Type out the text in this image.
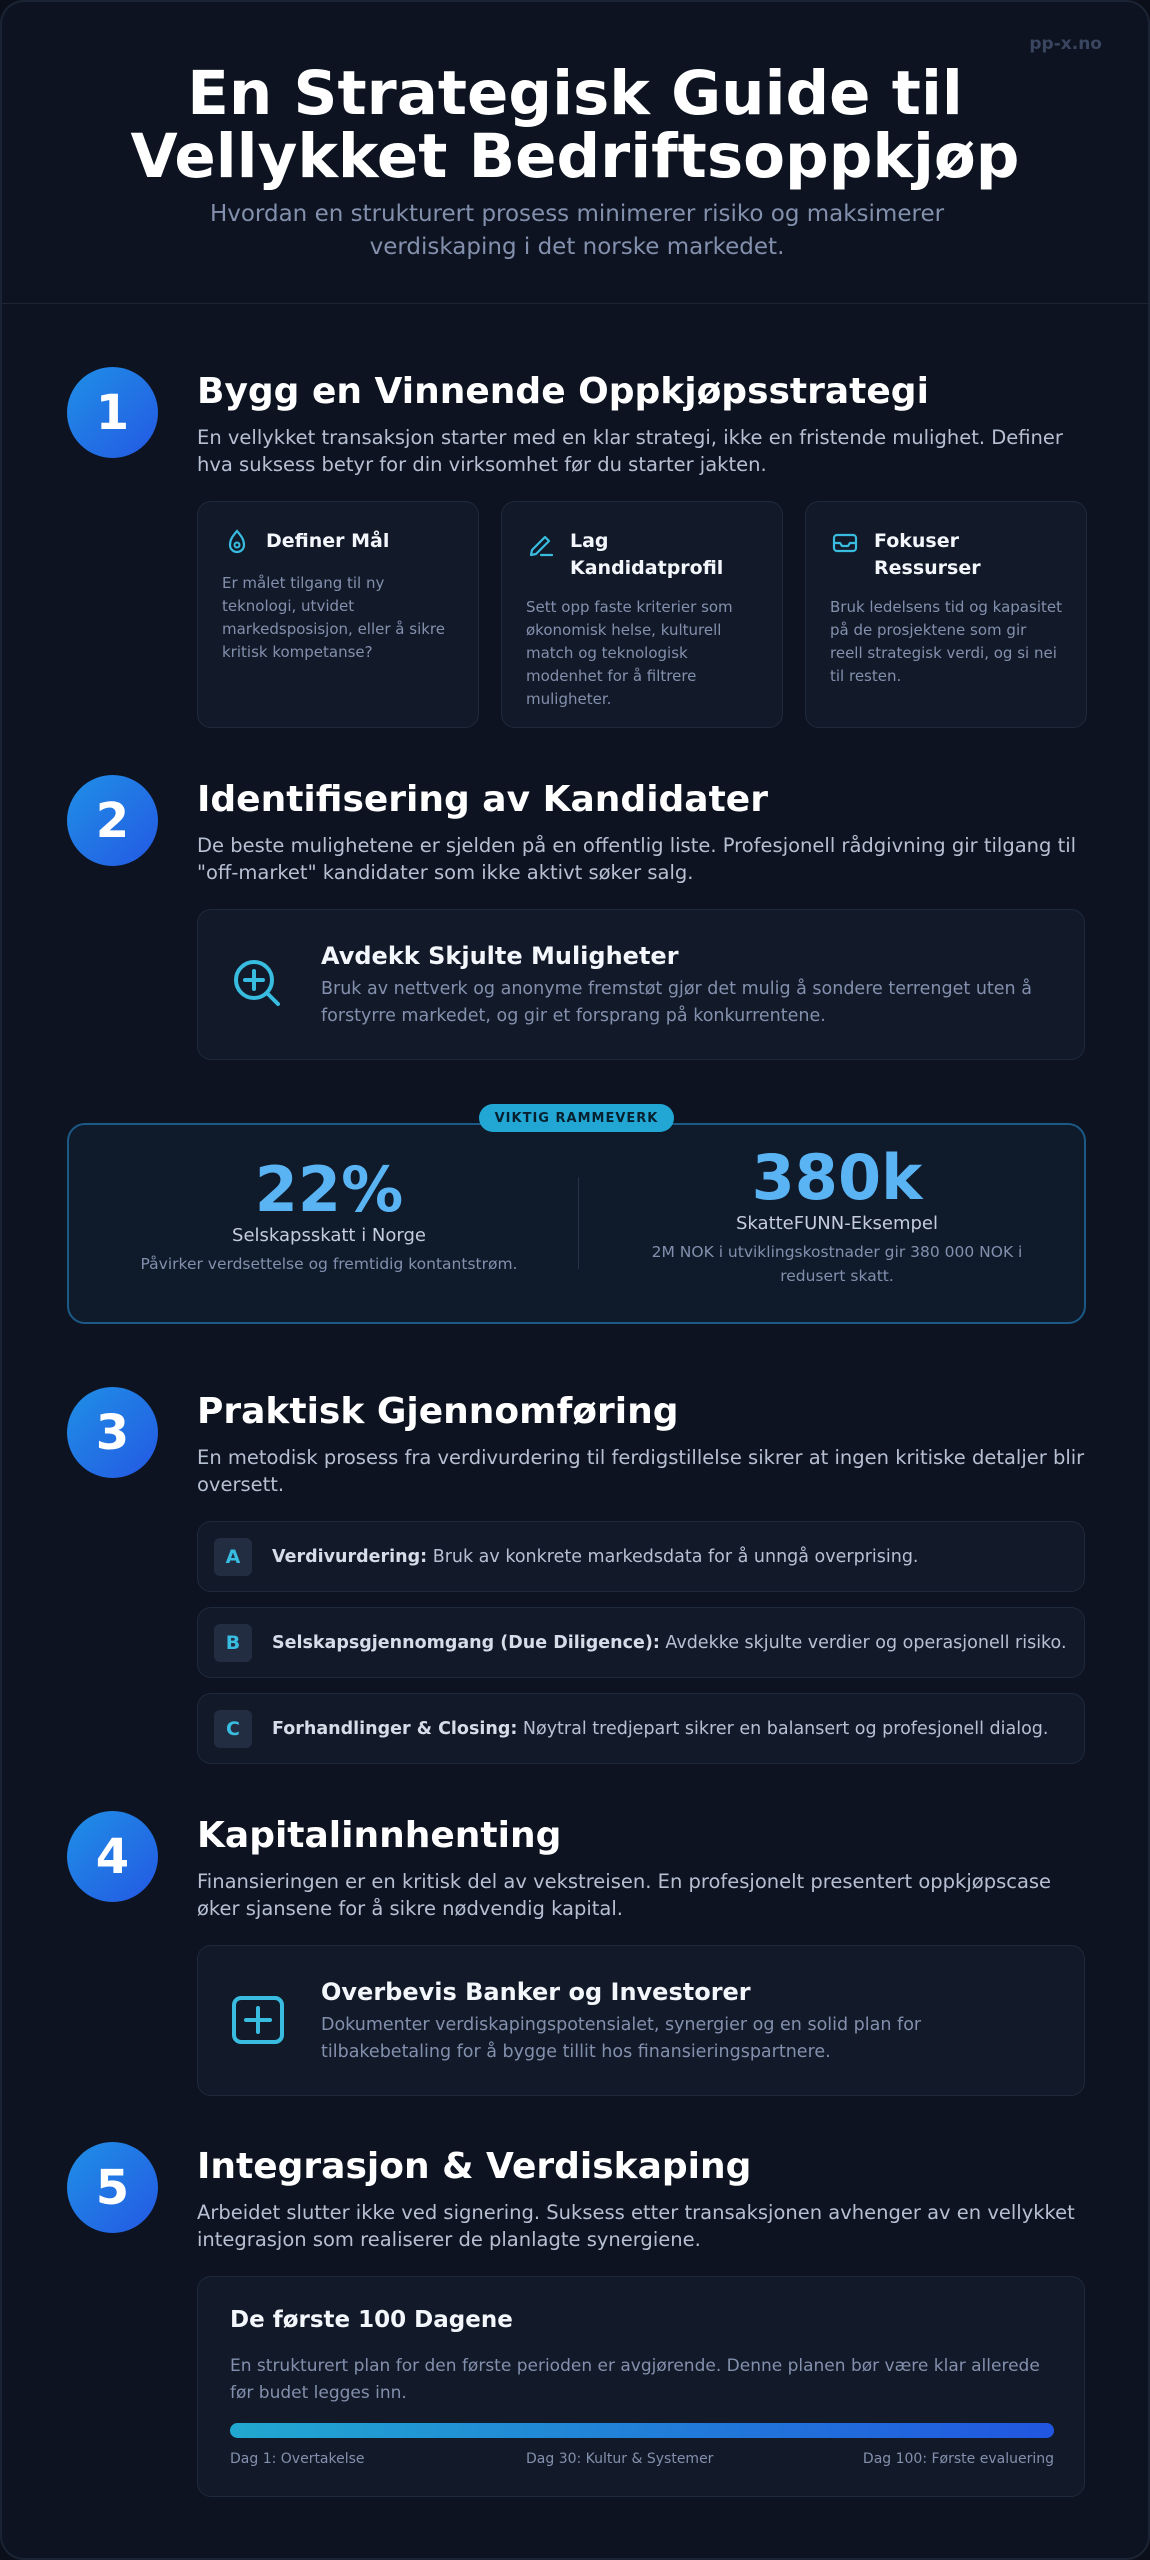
pp-x.no
En Strategisk Guide til
Vellykket Bedriftsoppkjøp

Hvordan en strukturert prosess minimerer risiko og maksimerer verdiskaping i det norske markedet.

1	Bygg en Vinnende Oppkjøpsstrategi

En vellykket transaksjon starter med en klar strategi, ikke en fristende mulighet. Definer hva suksess betyr for din virksomhet før du starter jakten.

Definer Mål
Er målet tilgang til ny teknologi, utvidet markedsposisjon, eller å sikre kritisk kompetanse?
Lag Kandidatprofil
Sett opp faste kriterier som økonomisk helse, kulturell match og teknologisk modenhet for å filtrere muligheter.
Fokuser Ressurser
Bruk ledelsens tid og kapasitet på de prosjektene som gir reell strategisk verdi, og si nei til resten.
2	Identifisering av Kandidater

De beste mulighetene er sjelden på en offentlig liste. Profesjonell rådgivning gir tilgang til "off-market" kandidater som ikke aktivt søker salg.

Avdekk Skjulte Muligheter
Bruk av nettverk og anonyme fremstøt gjør det mulig å sondere terrenget uten å forstyrre markedet, og gir et forsprang på konkurrentene.
22%
Selskapsskatt i Norge
Påvirker verdsettelse og fremtidig kontantstrøm.
380k
SkatteFUNN-Eksempel
2M NOK i utviklingskostnader gir 380 000 NOK i redusert skatt.
VIKTIG RAMMEVERK
3	Praktisk Gjennomføring

En metodisk prosess fra verdivurdering til ferdigstillelse sikrer at ingen kritiske detaljer blir oversett.

A	Verdivurdering: Bruk av konkrete markedsdata for å unngå overprising.
B	Selskapsgjennomgang (Due Diligence): Avdekke skjulte verdier og operasjonell risiko.
C	Forhandlinger & Closing: Nøytral tredjepart sikrer en balansert og profesjonell dialog.
4	Kapitalinnhenting

Finansieringen er en kritisk del av vekstreisen. En profesjonelt presentert oppkjøpscase øker sjansene for å sikre nødvendig kapital.

Overbevis Banker og Investorer
Dokumenter verdiskapingspotensialet, synergier og en solid plan for tilbakebetaling for å bygge tillit hos finansieringspartnere.
5	Integrasjon & Verdiskaping

Arbeidet slutter ikke ved signering. Suksess etter transaksjonen avhenger av en vellykket integrasjon som realiserer de planlagte synergiene.

De første 100 Dagene
En strukturert plan for den første perioden er avgjørende. Denne planen bør være klar allerede før budet legges inn.
Dag 1: Overtakelse	Dag 30: Kultur & Systemer	Dag 100: Første evaluering
